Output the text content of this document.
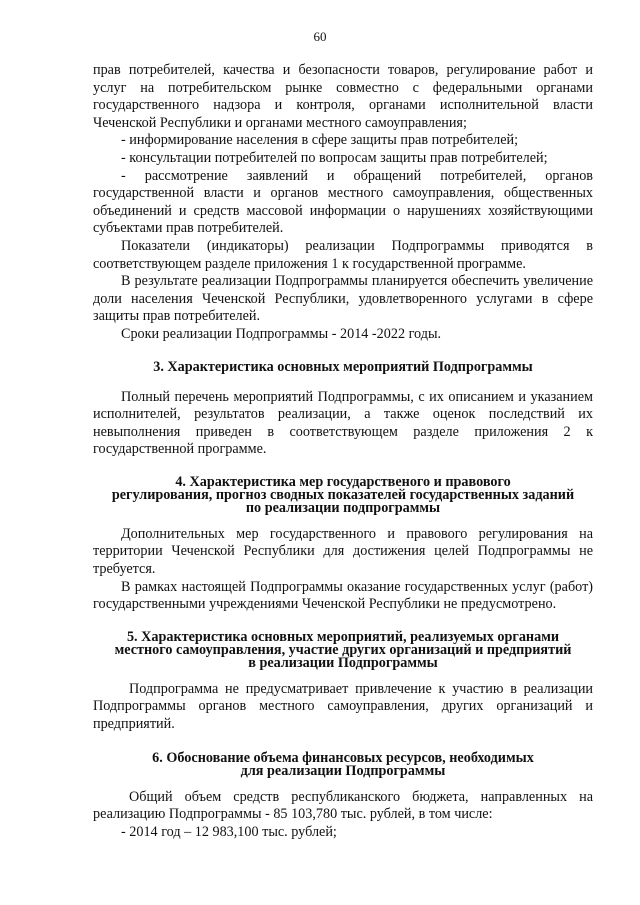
60

прав потребителей, качества и безопасности товаров, регулирование работ и услуг на потребительском рынке совместно с федеральными органами государственного надзора и контроля, органами исполнительной власти Чеченской Республики и органами местного самоуправления;

- информирование населения в сфере защиты прав потребителей;

- консультации потребителей по вопросам защиты прав потребителей;

- рассмотрение заявлений и обращений потребителей, органов государственной власти и органов местного самоуправления, общественных объединений и средств массовой информации о нарушениях хозяйствующими субъектами прав потребителей.

Показатели (индикаторы) реализации Подпрограммы приводятся в соответствующем разделе приложения 1 к государственной программе.

В результате реализации Подпрограммы планируется обеспечить увеличение доли населения Чеченской Республики, удовлетворенного услугами в сфере защиты прав потребителей.

Сроки реализации Подпрограммы - 2014 -2022 годы.

3. Характеристика основных мероприятий Подпрограммы

Полный перечень мероприятий Подпрограммы, с их описанием и указанием исполнителей, результатов реализации, а также оценок последствий их невыполнения приведен в соответствующем разделе приложения 2 к государственной программе.

4. Характеристика мер государственого и правового
регулирования, прогноз сводных показателей государственных заданий
по реализации подпрограммы

Дополнительных мер государственного и правового регулирования на территории Чеченской Республики для достижения целей Подпрограммы не требуется.

В рамках настоящей Подпрограммы оказание государственных услуг (работ) государственными учреждениями Чеченской Республики не предусмотрено.

5. Характеристика основных мероприятий, реализуемых органами
местного самоуправления, участие других организаций и предприятий
в реализации Подпрограммы

Подпрограмма не предусматривает привлечение к участию в реализации Подпрограммы органов местного самоуправления, других организаций и предприятий.

6. Обоснование объема финансовых ресурсов, необходимых
для реализации Подпрограммы

Общий объем средств республиканского бюджета, направленных на реализацию Подпрограммы - 85 103,780 тыс. рублей, в том числе:

- 2014 год – 12 983,100 тыс. рублей;
